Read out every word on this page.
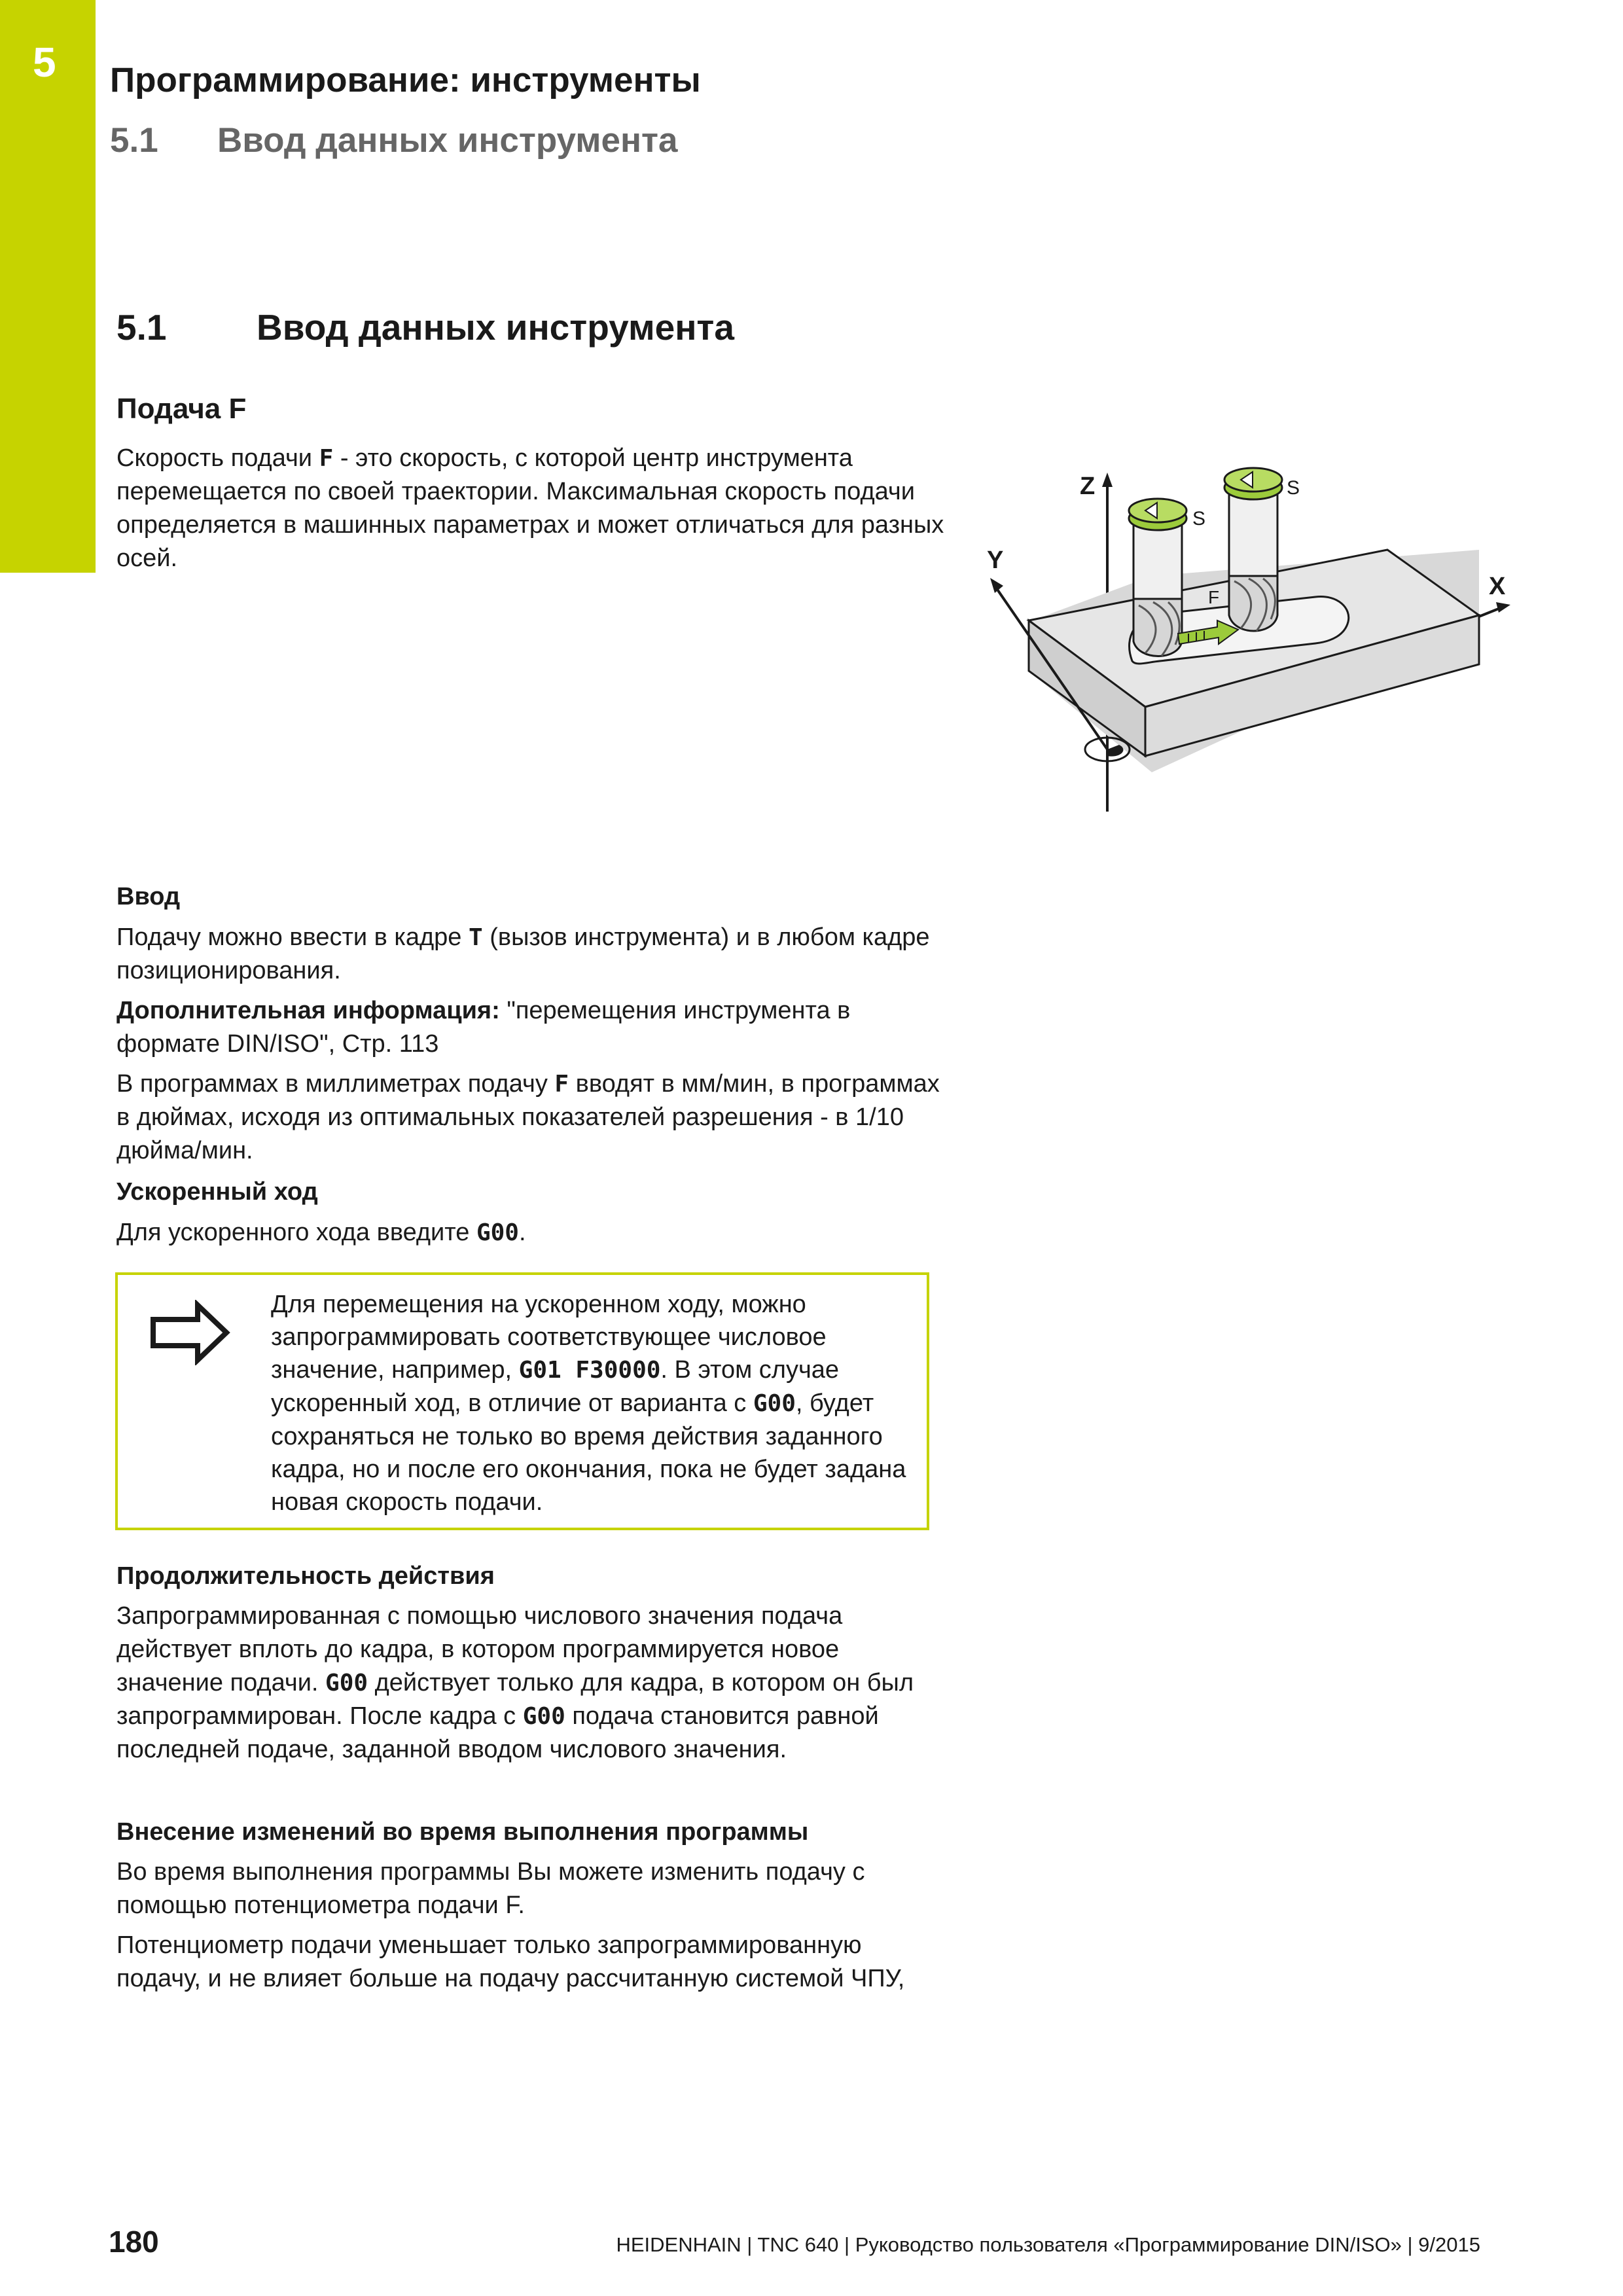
5 Программирование: инструменты
5.1 Ввод данных инструмента
5.1	Ввод данных инструмента
Подача F

Скорость подачи F - это скорость, с которой центр инструмента перемещается по своей траектории. Максимальная скорость подачи определяется в машинных параметрах и может отличаться для разных осей.

Z
Y
X
S
S
F
Ввод

Подачу можно ввести в кадре T (вызов инструмента) и в любом кадре позиционирования.

Дополнительная информация: "перемещения инструмента в формате DIN/ISO", Стр. 113

В программах в миллиметрах подачу F вводят в мм/мин, в программах в дюймах, исходя из оптимальных показателей разрешения - в 1/10 дюйма/мин.

Ускоренный ход

Для ускоренного хода введите G00.

Для перемещения на ускоренном ходу, можно запрограммировать соответствующее числовое значение, например, G01 F30000. В этом случае ускоренный ход, в отличие от варианта с G00, будет сохраняться не только во время действия заданного кадра, но и после его окончания, пока не будет задана новая скорость подачи.

Продолжительность действия

Запрограммированная с помощью числового значения подача действует вплоть до кадра, в котором программируется новое значение подачи. G00 действует только для кадра, в котором он был запрограммирован. После кадра с G00 подача становится равной последней подаче, заданной вводом числового значения.

Внесение изменений во время выполнения программы

Во время выполнения программы Вы можете изменить подачу с помощью потенциометра подачи F.

Потенциометр подачи уменьшает только запрограммированную подачу, и не влияет больше на подачу рассчитанную системой ЧПУ,

180	HEIDENHAIN | TNC 640 | Руководство пользователя «Программирование DIN/ISO» | 9/2015
